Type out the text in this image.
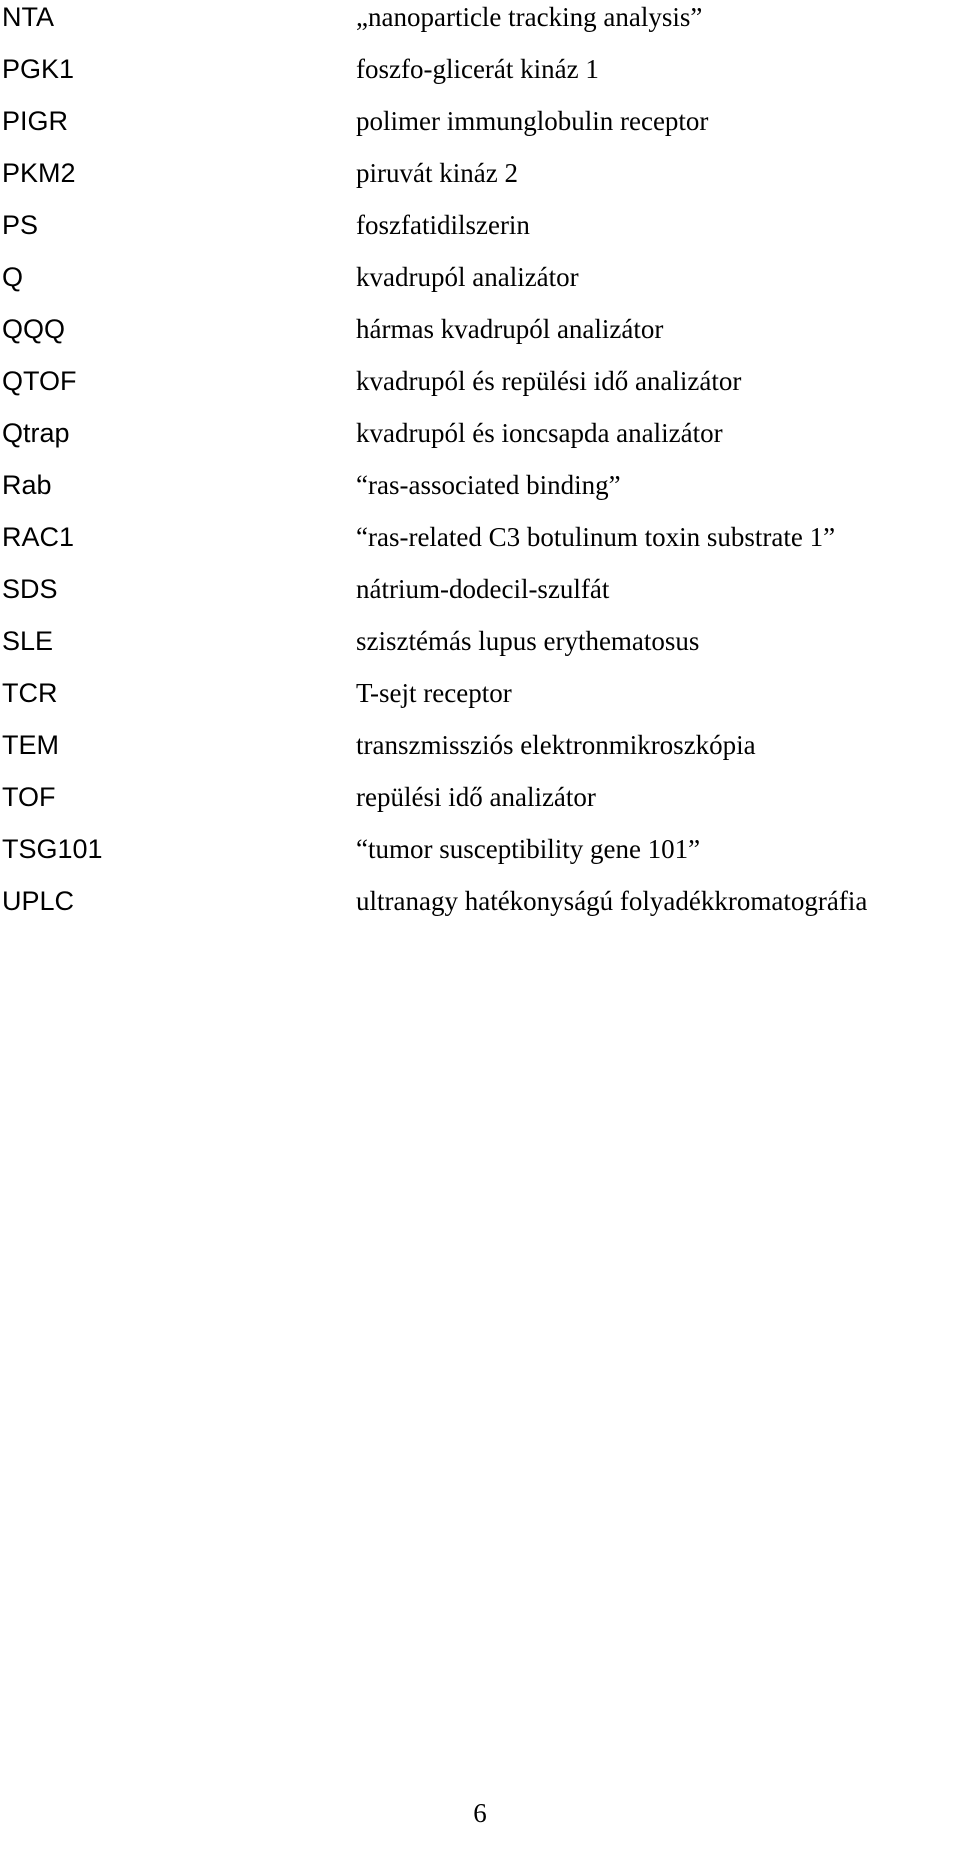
NTA	„nanoparticle tracking analysis”
PGK1	foszfo-glicerát kináz 1
PIGR	polimer immunglobulin receptor
PKM2	piruvát kináz 2
PS	foszfatidilszerin
Q	kvadrupól analizátor
QQQ	hármas kvadrupól analizátor
QTOF	kvadrupól és repülési idő analizátor
Qtrap	kvadrupól és ioncsapda analizátor
Rab	“ras-associated binding”
RAC1	“ras-related C3 botulinum toxin substrate 1”
SDS	nátrium-dodecil-szulfát
SLE	szisztémás lupus erythematosus
TCR	T-sejt receptor
TEM	transzmissziós elektronmikroszkópia
TOF	repülési idő analizátor
TSG101	“tumor susceptibility gene 101”
UPLC	ultranagy hatékonyságú folyadékkromatográfia
6
